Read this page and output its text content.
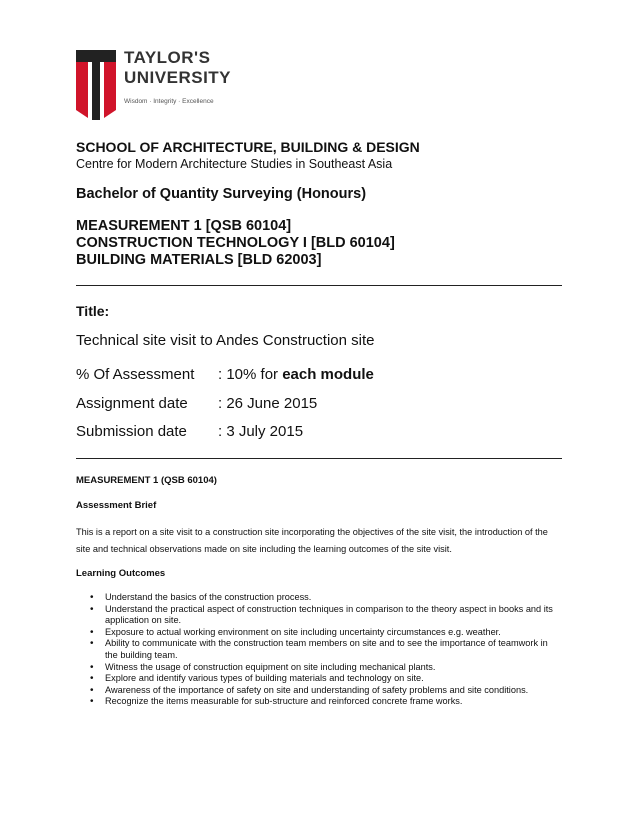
TAYLOR'S
UNIVERSITY
Wisdom · Integrity · Excellence
SCHOOL OF ARCHITECTURE, BUILDING & DESIGN
Centre for Modern Architecture Studies in Southeast Asia
Bachelor of Quantity Surveying (Honours)
MEASUREMENT 1 [QSB 60104]
CONSTRUCTION TECHNOLOGY I [BLD 60104]
BUILDING MATERIALS [BLD 62003]
Title:
Technical site visit to Andes Construction site
% Of Assessment : 10% for each module
Assignment date : 26 June 2015
Submission date : 3 July 2015
MEASUREMENT 1 (QSB 60104)
Assessment Brief
This is a report on a site visit to a construction site incorporating the objectives of the site visit, the introduction of the site and technical observations made on site including the learning outcomes of the site visit.
Learning Outcomes
• Understand the basics of the construction process.
• Understand the practical aspect of construction techniques in comparison to the theory aspect in books and its application on site.
• Exposure to actual working environment on site including uncertainty circumstances e.g. weather.
• Ability to communicate with the construction team members on site and to see the importance of teamwork in the building team.
• Witness the usage of construction equipment on site including mechanical plants.
• Explore and identify various types of building materials and technology on site.
• Awareness of the importance of safety on site and understanding of safety problems and site conditions.
• Recognize the items measurable for sub-structure and reinforced concrete frame works.
